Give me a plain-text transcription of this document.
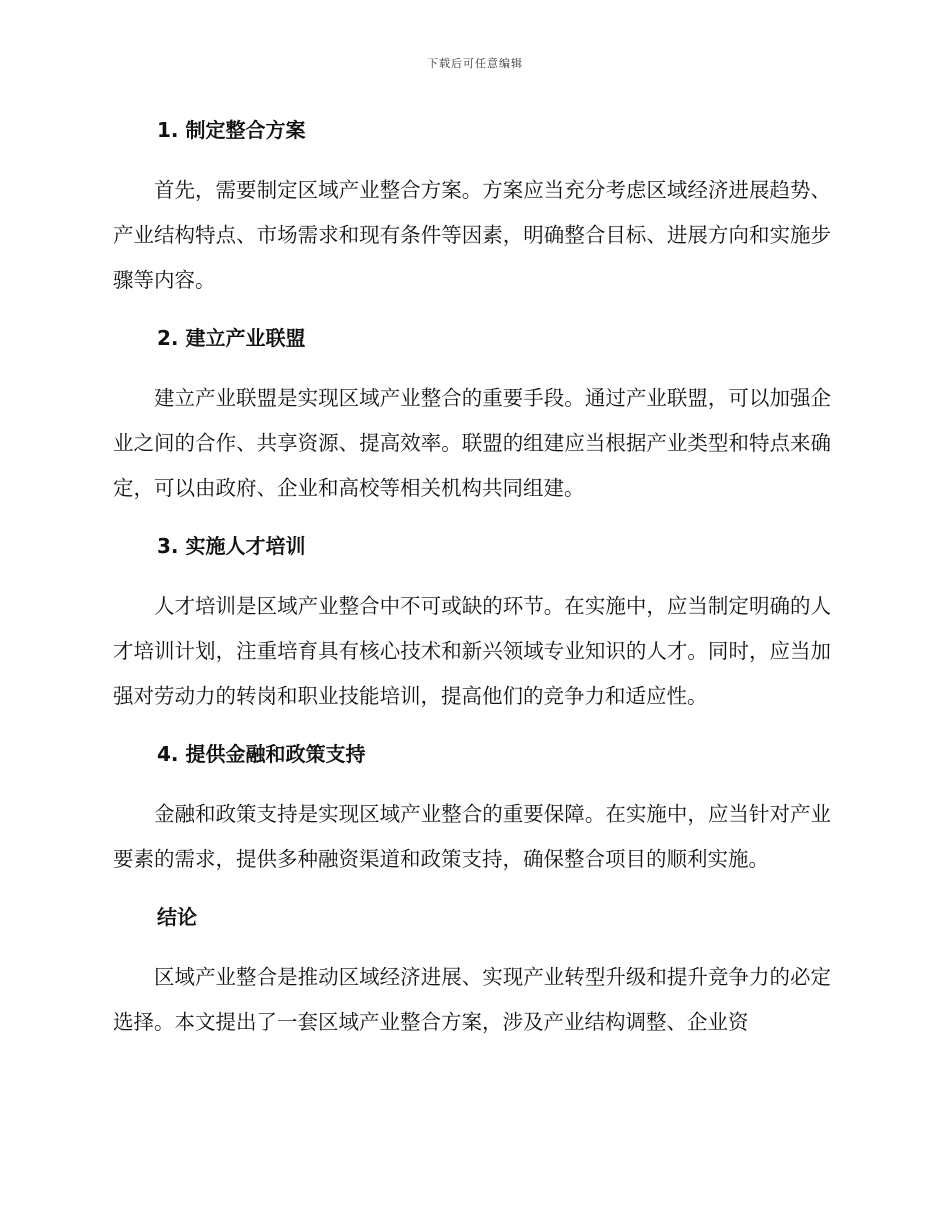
下载后可任意编辑
1. 制定整合方案

首先，需要制定区域产业整合方案。方案应当充分考虑区域经济进展趋势、产业结构特点、市场需求和现有条件等因素，明确整合目标、进展方向和实施步骤等内容。

2. 建立产业联盟

建立产业联盟是实现区域产业整合的重要手段。通过产业联盟，可以加强企业之间的合作、共享资源、提高效率。联盟的组建应当根据产业类型和特点来确定，可以由政府、企业和高校等相关机构共同组建。

3. 实施人才培训

人才培训是区域产业整合中不可或缺的环节。在实施中，应当制定明确的人才培训计划，注重培育具有核心技术和新兴领域专业知识的人才。同时，应当加强对劳动力的转岗和职业技能培训，提高他们的竞争力和适应性。

4. 提供金融和政策支持

金融和政策支持是实现区域产业整合的重要保障。在实施中，应当针对产业要素的需求，提供多种融资渠道和政策支持，确保整合项目的顺利实施。

结论

区域产业整合是推动区域经济进展、实现产业转型升级和提升竞争力的必定选择。本文提出了一套区域产业整合方案，涉及产业结构调整、企业资
